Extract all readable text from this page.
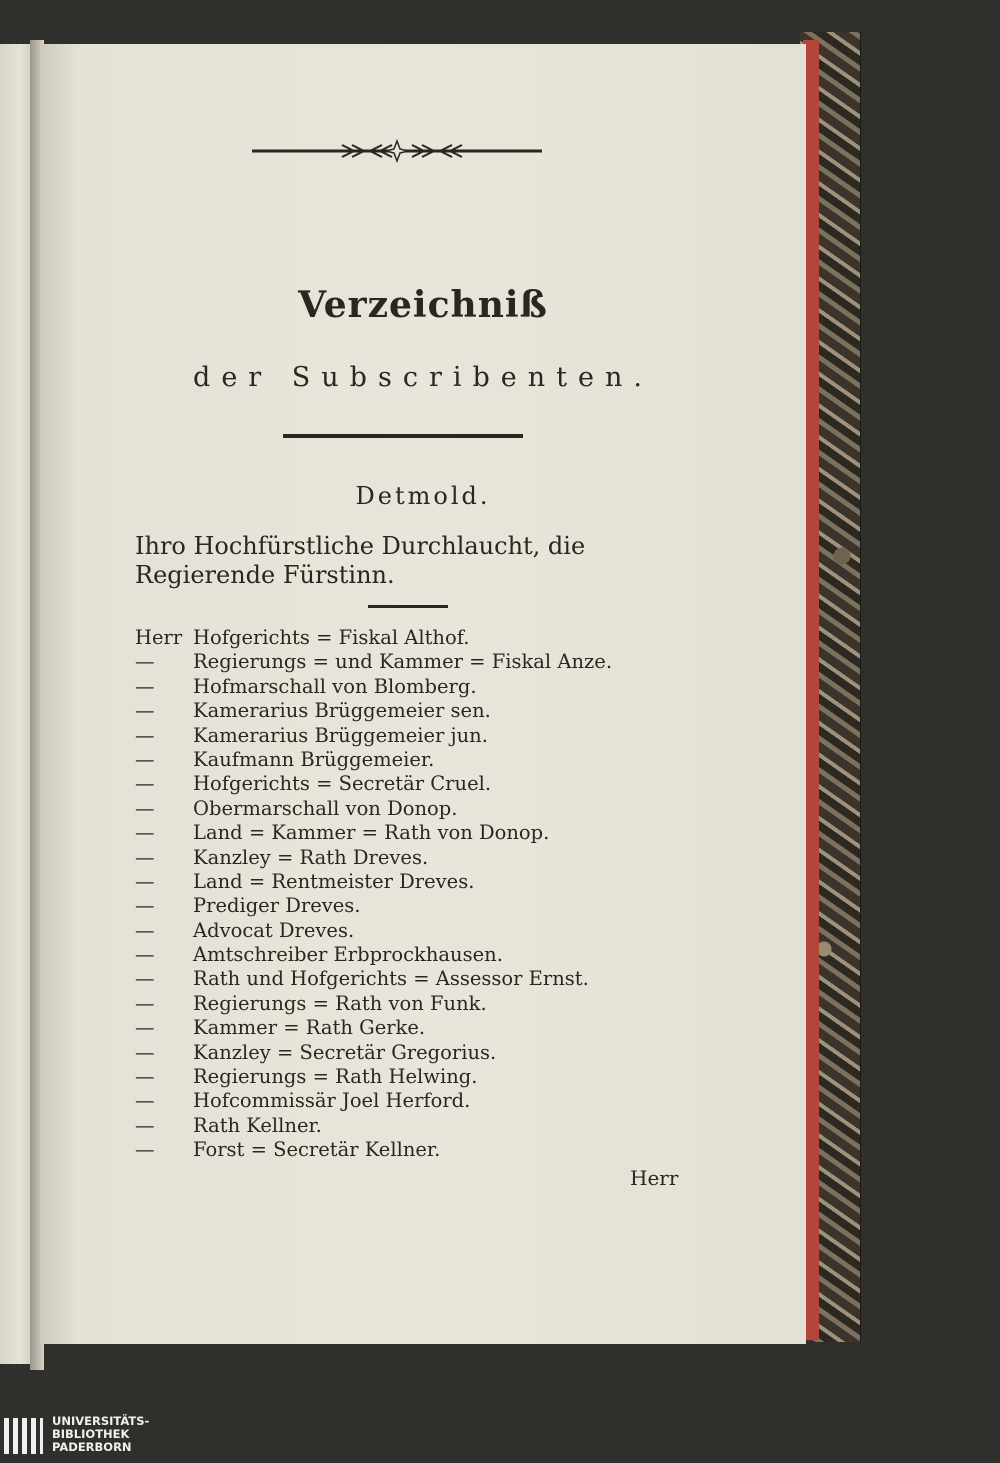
Verzeichniß
der Subscribenten.
Detmold.
Ihro Hochfürstliche Durchlaucht, die Regierende Fürstinn.
Herr Hofgerichts = Fiskal Althof.
— Regierungs = und Kammer = Fiskal Anze.
— Hofmarschall von Blomberg.
— Kamerarius Brüggemeier sen.
— Kamerarius Brüggemeier jun.
— Kaufmann Brüggemeier.
— Hofgerichts = Secretär Cruel.
— Obermarschall von Donop.
— Land = Kammer = Rath von Donop.
— Kanzley = Rath Dreves.
— Land = Rentmeister Dreves.
— Prediger Dreves.
— Advocat Dreves.
— Amtschreiber Erbprockhausen.
— Rath und Hofgerichts = Assessor Ernst.
— Regierungs = Rath von Funk.
— Kammer = Rath Gerke.
— Kanzley = Secretär Gregorius.
— Regierungs = Rath Helwing.
— Hofcommissär Joel Herford.
— Rath Kellner.
— Forst = Secretär Kellner.
Herr
UNIVERSITÄTS-
BIBLIOTHEK
PADERBORN
